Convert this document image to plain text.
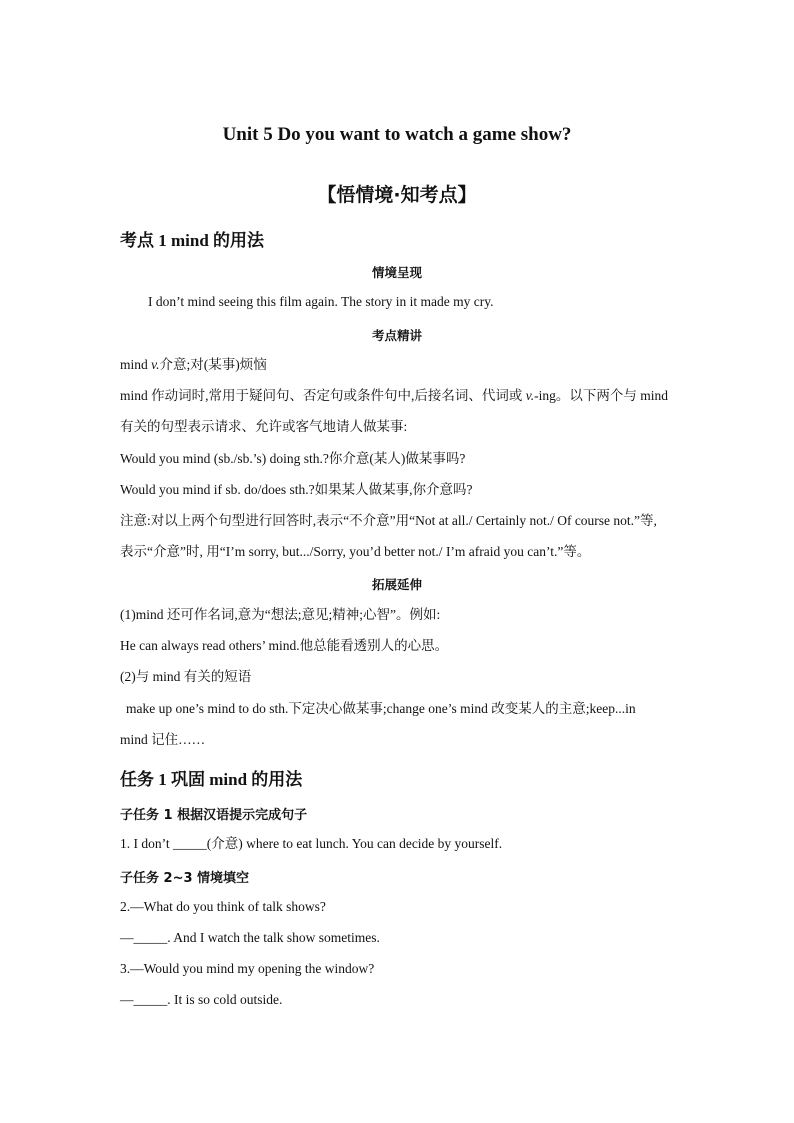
Unit 5 Do you want to watch a game show?
【悟情境·知考点】
考点 1 mind 的用法
情境呈现
I don’t mind seeing this film again. The story in it made my cry.
考点精讲
mind v.介意;对(某事)烦恼
mind 作动词时,常用于疑问句、否定句或条件句中,后接名词、代词或 v.-ing。以下两个与 mind
有关的句型表示请求、允许或客气地请人做某事:
Would you mind (sb./sb.’s) doing sth.?你介意(某人)做某事吗?
Would you mind if sb. do/does sth.?如果某人做某事,你介意吗?
注意:对以上两个句型进行回答时,表示“不介意”用“Not at all./ Certainly not./ Of course not.”等,
表示“介意”时, 用“I’m sorry, but.../Sorry, you’d better not./ I’m afraid you can’t.”等。
拓展延伸
(1)mind 还可作名词,意为“想法;意见;精神;心智”。例如:
He can always read others’ mind.他总能看透别人的心思。
(2)与 mind 有关的短语
make up one’s mind to do sth.下定决心做某事;change one’s mind 改变某人的主意;keep...in
mind 记住……
任务 1 巩固 mind 的用法
子任务 1 根据汉语提示完成句子
1. I don’t _____(介意) where to eat lunch. You can decide by yourself.
子任务 2~3 情境填空
2.—What do you think of talk shows?
—_____. And I watch the talk show sometimes.
3.—Would you mind my opening the window?
—_____. It is so cold outside.
